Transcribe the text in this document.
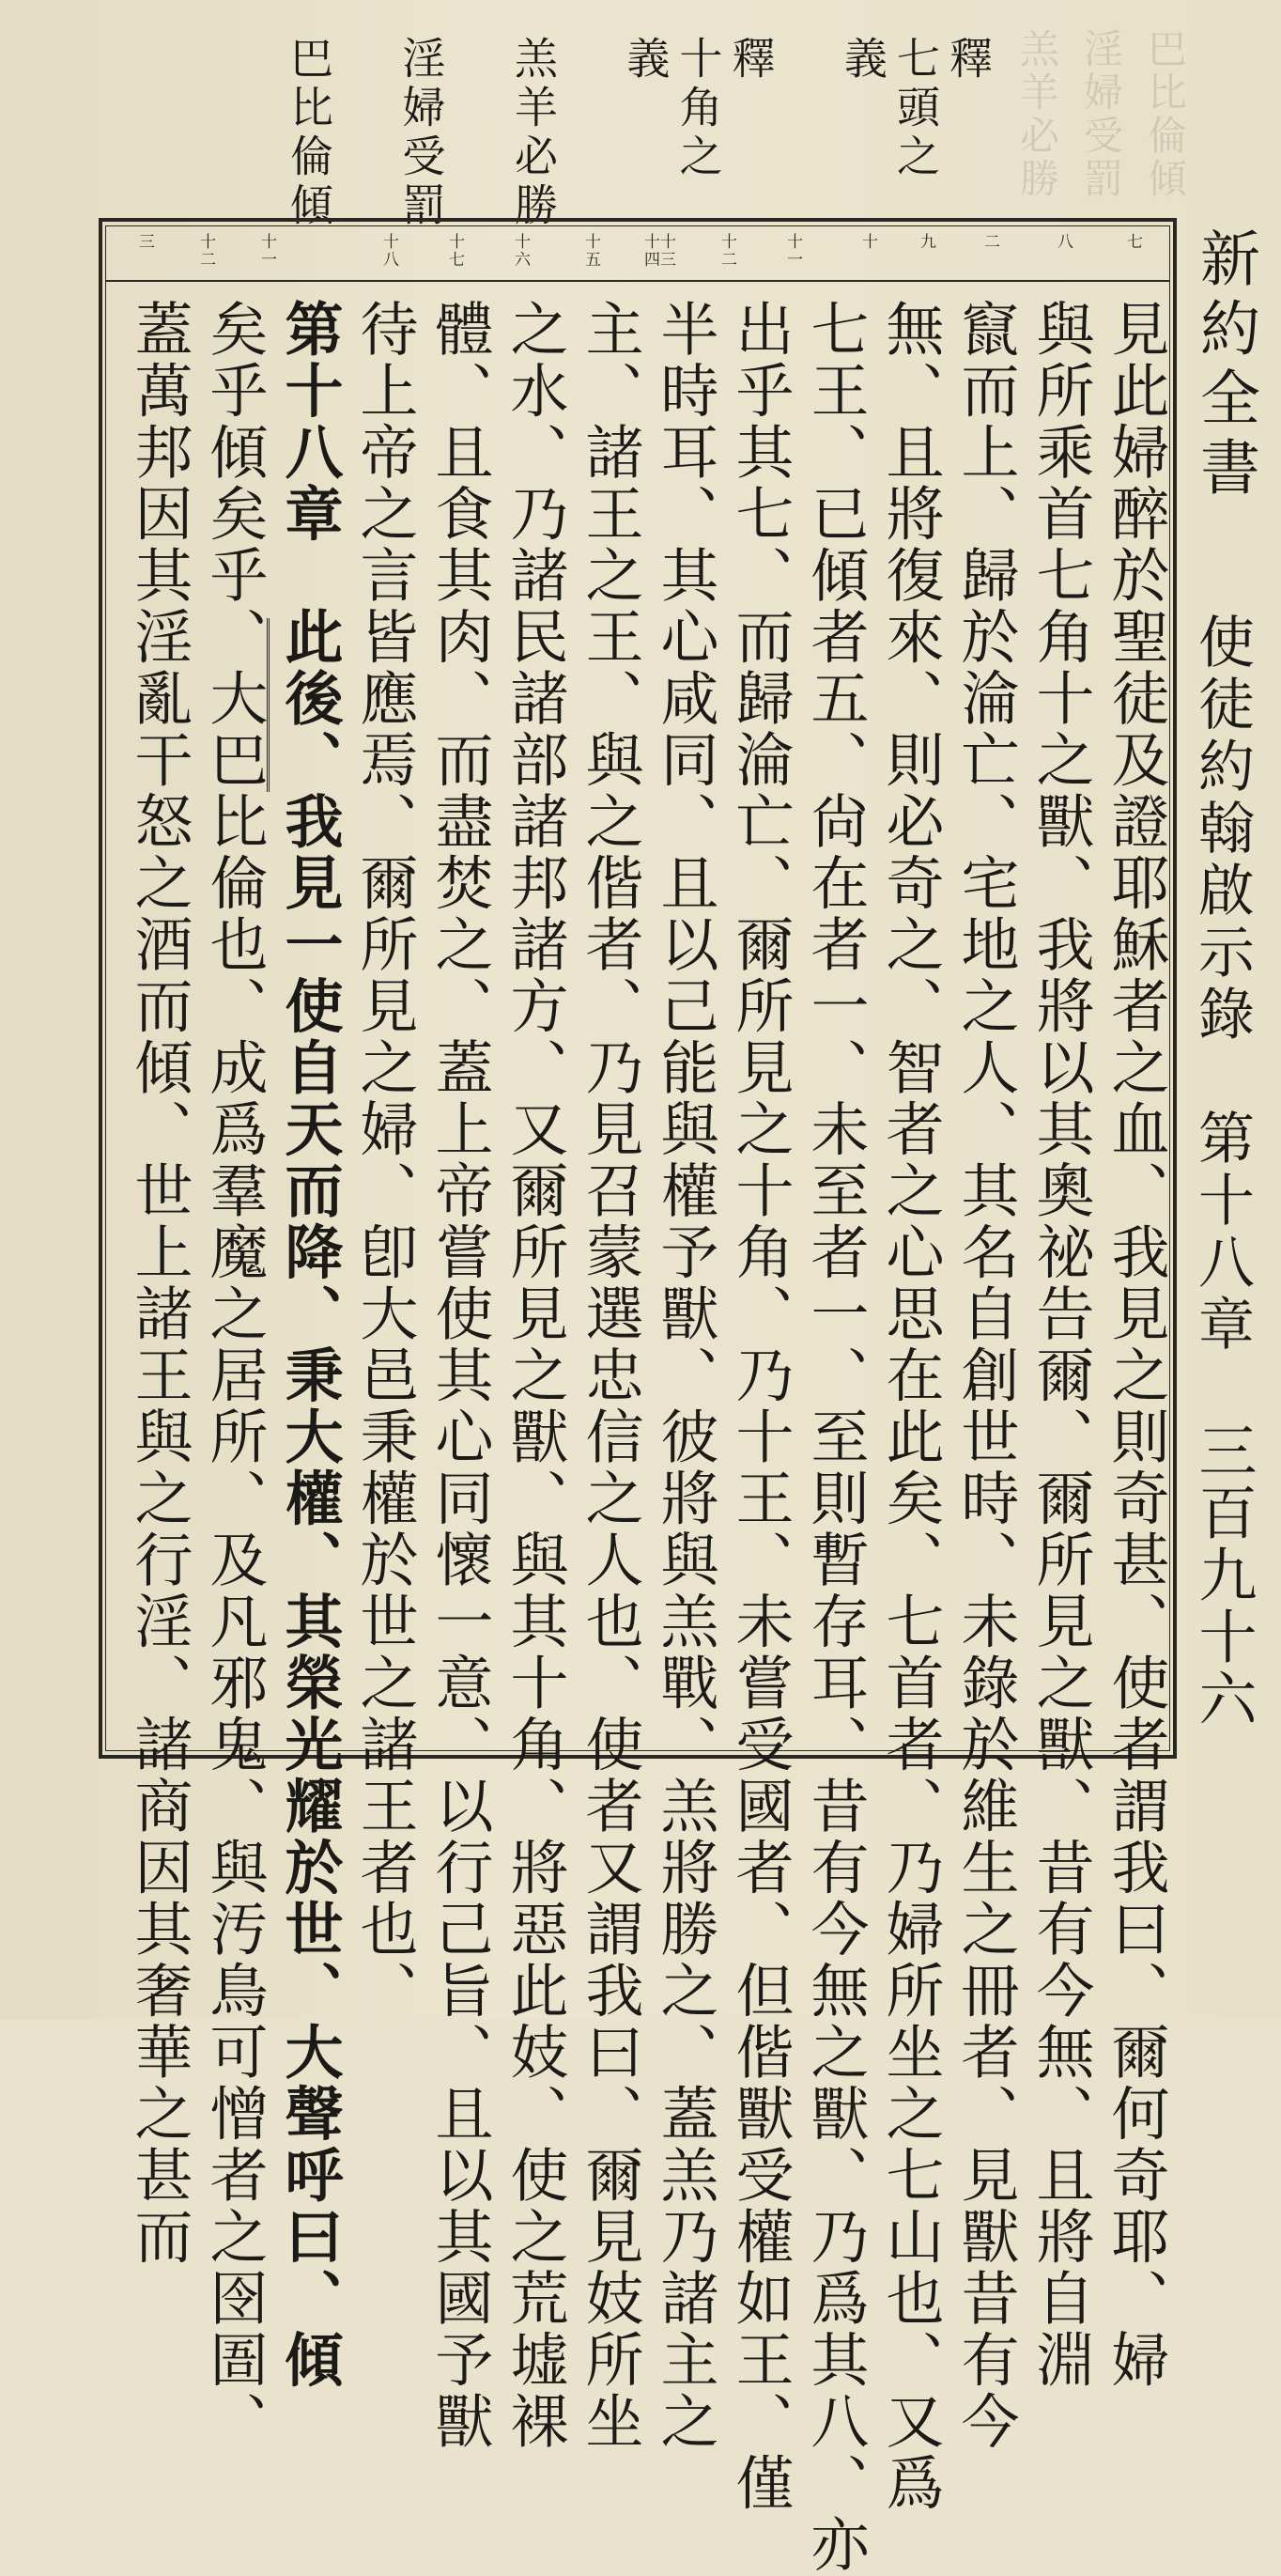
巴比倫傾
淫婦受罰
羔羊必勝
釋
七頭之
義
釋
十角之
義
羔羊必勝
淫婦受罰
巴比倫傾
新約全書
使徒約翰啟示錄　第十八章
三百九十六
七
八
二
九
十
十一
十二
十三
十四
十五
十六
十七
十八
十一
十二
三
見此婦醉於聖徒及證耶穌者之血、我見之則奇甚、使者謂我曰、爾何奇耶、婦
與所乘首七角十之獸、我將以其奧祕告爾、爾所見之獸、昔有今無、且將自淵
竄而上、歸於淪亡、宅地之人、其名自創世時、未錄於維生之冊者、見獸昔有今
無、且將復來、則必奇之、智者之心思在此矣、七首者、乃婦所坐之七山也、又爲
七王、已傾者五、尙在者一、未至者一、至則暫存耳、昔有今無之獸、乃爲其八、亦
出乎其七、而歸淪亡、爾所見之十角、乃十王、未嘗受國者、但偕獸受權如王、僅
半時耳、其心咸同、且以己能與權予獸、彼將與羔戰、羔將勝之、蓋羔乃諸主之
主、諸王之王、與之偕者、乃見召蒙選忠信之人也、使者又謂我曰、爾見妓所坐
之水、乃諸民諸部諸邦諸方、又爾所見之獸、與其十角、將惡此妓、使之荒墟裸
體、且食其肉、而盡焚之、蓋上帝嘗使其心同懷一意、以行己旨、且以其國予獸
待上帝之言皆應焉、爾所見之婦、卽大邑秉權於世之諸王者也、
第十八章　此後、我見一使自天而降、秉大權、其榮光耀於世、大聲呼曰、傾
矣乎傾矣乎、大巴比倫也、成爲羣魔之居所、及凡邪鬼、與汚鳥可憎者之囹圄、
蓋萬邦因其淫亂干怒之酒而傾、世上諸王與之行淫、諸商因其奢華之甚而
